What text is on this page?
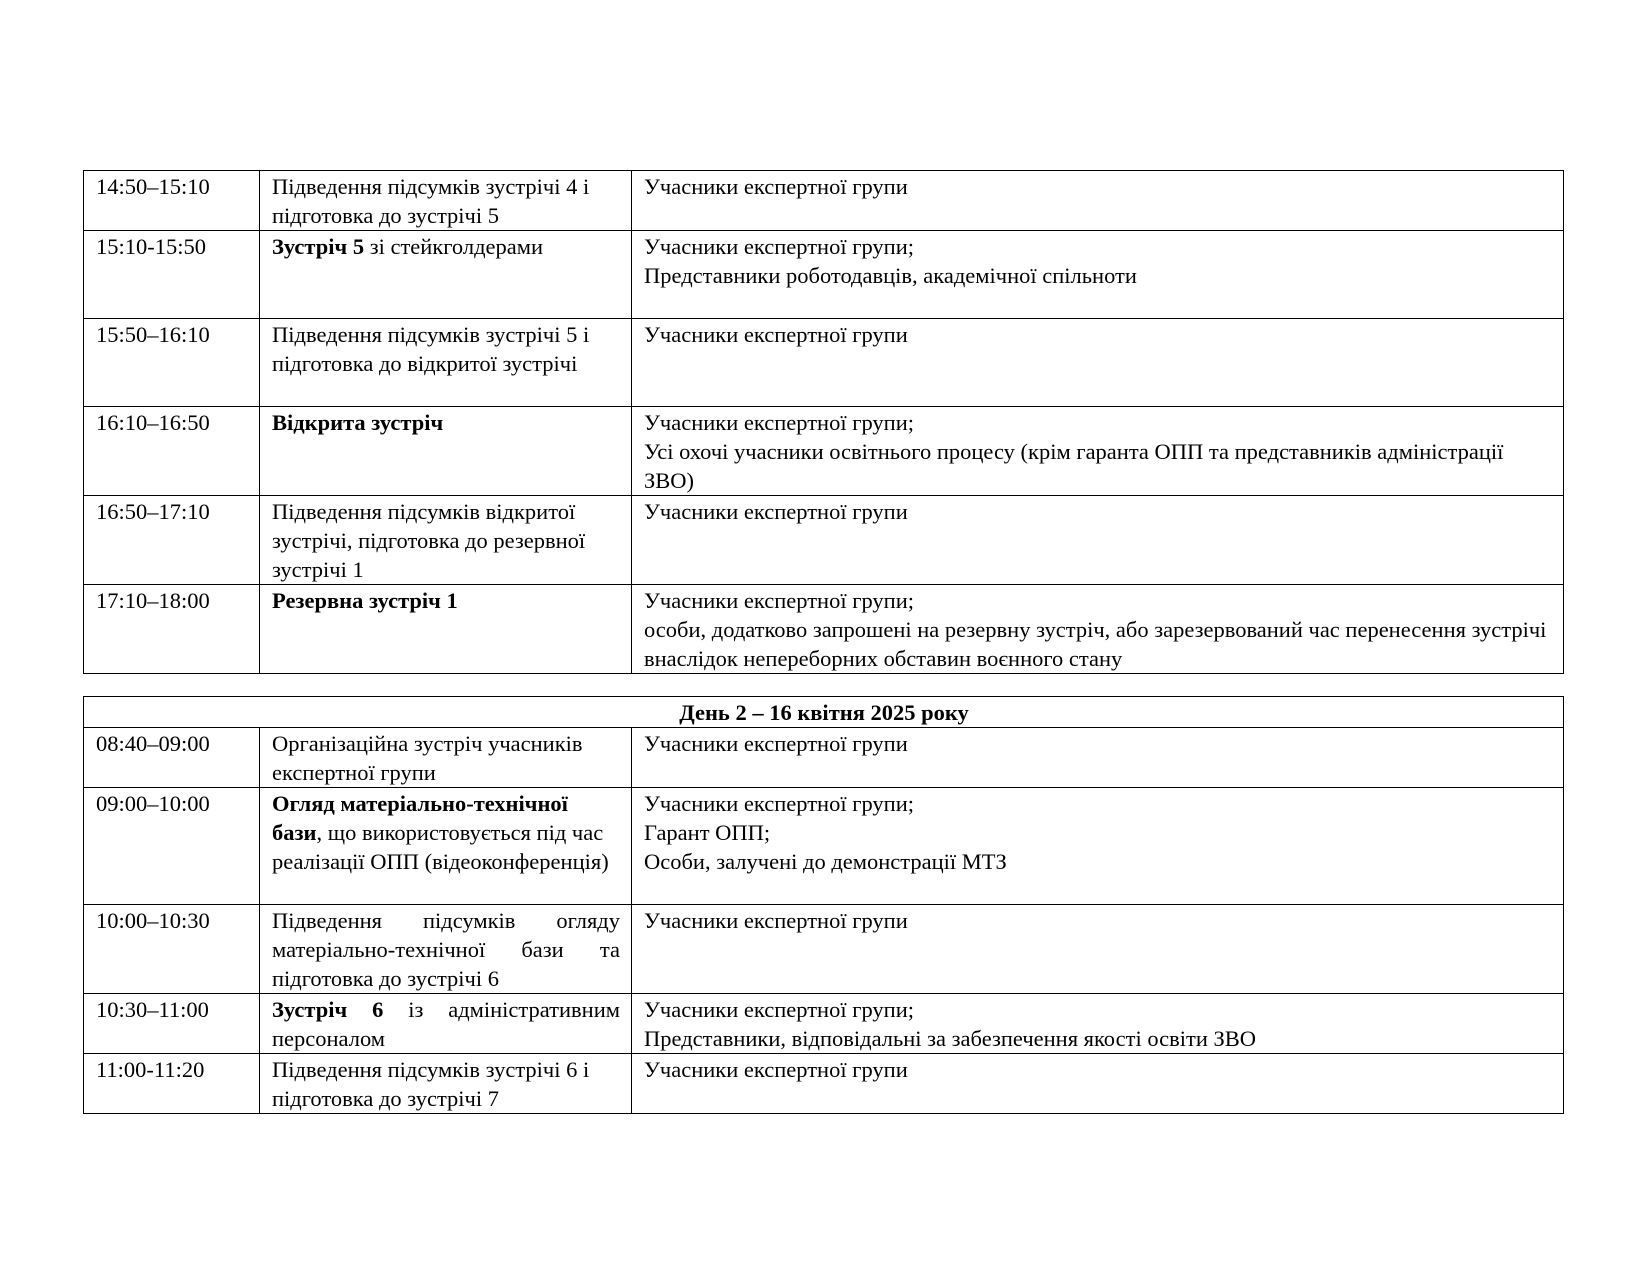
14:50–15:10	Підведення підсумків зустрічі 4 і підготовка до зустрічі 5	Учасники експертної групи

15:10-15:50	Зустріч 5 зі стейкголдерами	Учасники експертної групи;
Представники роботодавців, академічної спільноти

15:50–16:10	Підведення підсумків зустрічі 5 і підготовка до відкритої зустрічі	Учасники експертної групи

16:10–16:50	Відкрита зустріч	Учасники експертної групи;
Усі охочі учасники освітнього процесу (крім гаранта ОПП та представників адміністрації ЗВО)

16:50–17:10	Підведення підсумків відкритої зустрічі, підготовка до резервної зустрічі 1	Учасники експертної групи

17:10–18:00	Резервна зустріч 1	Учасники експертної групи;
особи, додатково запрошені на резервну зустріч, або зарезервований час перенесення зустрічі внаслідок непереборних обставин воєнного стану
День 2 – 16 квітня 2025 року		
08:40–09:00	Організаційна зустріч учасників експертної групи	Учасники експертної групи

09:00–10:00	Огляд матеріально-технічної бази, що використовується під час реалізації ОПП (відеоконференція)	Учасники експертної групи;
Гарант ОПП;
Особи, залучені до демонстрації МТЗ

10:00–10:30	Підведення підсумків огляду матеріально-технічної бази та підготовка до зустрічі 6	Учасники експертної групи

10:30–11:00	Зустріч 6 із адміністративним персоналом	Учасники експертної групи;
Представники, відповідальні за забезпечення якості освіти ЗВО

11:00-11:20	Підведення підсумків зустрічі 6 і підготовка до зустрічі 7	Учасники експертної групи
